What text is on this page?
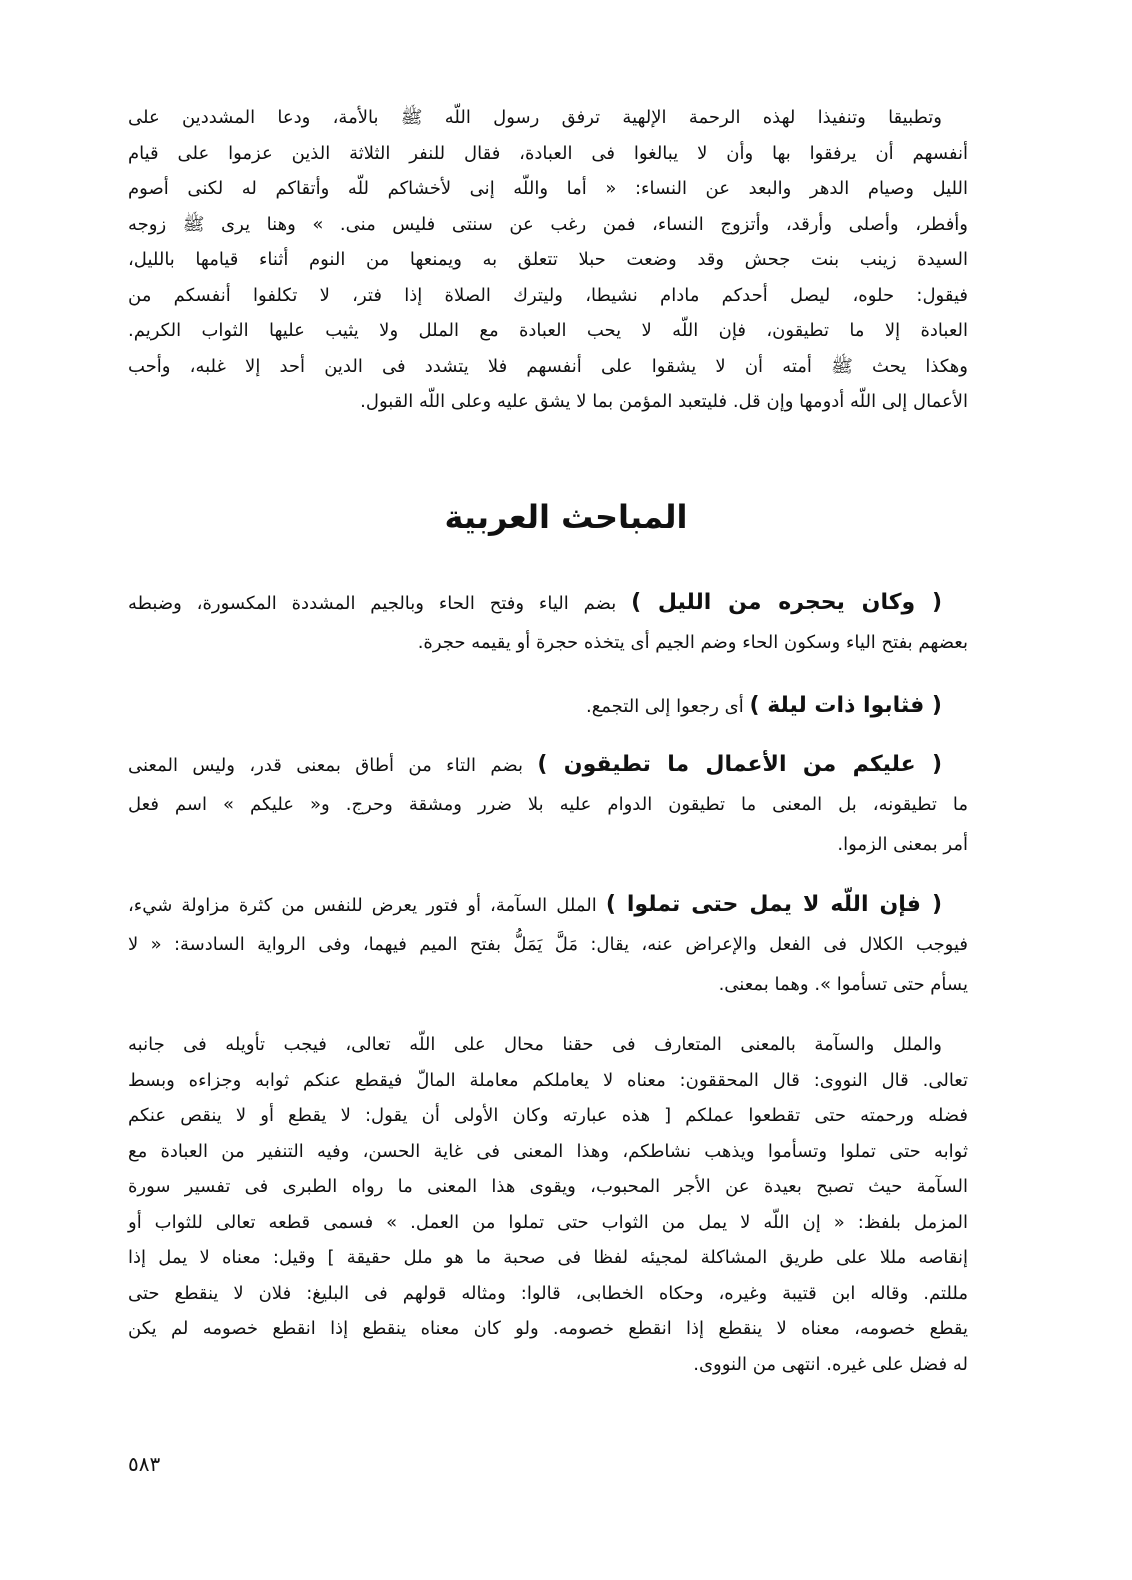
وتطبيقا وتنفيذا لهذه الرحمة الإلهية ترفق رسول اللّه ﷺ بالأمة، ودعا المشددين على
أنفسهم أن يرفقوا بها وأن لا يبالغوا فى العبادة، فقال للنفر الثلاثة الذين عزموا على قيام
الليل وصيام الدهر والبعد عن النساء: « أما واللّه إنى لأخشاكم للّه وأتقاكم له لكنى أصوم
وأفطر، وأصلى وأرقد، وأتزوج النساء، فمن رغب عن سنتى فليس منى. » وهنا يرى ﷺ زوجه
السيدة زينب بنت جحش وقد وضعت حبلا تتعلق به ويمنعها من النوم أثناء قيامها بالليل،
فيقول: حلوه، ليصل أحدكم مادام نشيطا، وليترك الصلاة إذا فتر، لا تكلفوا أنفسكم من
العبادة إلا ما تطيقون، فإن اللّه لا يحب العبادة مع الملل ولا يثيب عليها الثواب الكريم.
وهكذا يحث ﷺ أمته أن لا يشقوا على أنفسهم فلا يتشدد فى الدين أحد إلا غلبه، وأحب
الأعمال إلى اللّه أدومها وإن قل. فليتعبد المؤمن بما لا يشق عليه وعلى اللّه القبول.
المباحث العربية
( وكان يحجره من الليل ) بضم الياء وفتح الحاء وبالجيم المشددة المكسورة، وضبطه
بعضهم بفتح الياء وسكون الحاء وضم الجيم أى يتخذه حجرة أو يقيمه حجرة.
( فثابوا ذات ليلة ) أى رجعوا إلى التجمع.
( عليكم من الأعمال ما تطيقون ) بضم التاء من أطاق بمعنى قدر، وليس المعنى
ما تطيقونه، بل المعنى ما تطيقون الدوام عليه بلا ضرر ومشقة وحرج. و« عليكم » اسم فعل
أمر بمعنى الزموا.
( فإن اللّه لا يمل حتى تملوا ) الملل السآمة، أو فتور يعرض للنفس من كثرة مزاولة شيء،
فيوجب الكلال فى الفعل والإعراض عنه، يقال: مَلَّ يَمَلُّ بفتح الميم فيهما، وفى الرواية السادسة: « لا
يسأم حتى تسأموا ». وهما بمعنى.
والملل والسآمة بالمعنى المتعارف فى حقنا محال على اللّه تعالى، فيجب تأويله فى جانبه
تعالى. قال النووى: قال المحققون: معناه لا يعاملكم معاملة المالّ فيقطع عنكم ثوابه وجزاءه وبسط
فضله ورحمته حتى تقطعوا عملكم [ هذه عبارته وكان الأولى أن يقول: لا يقطع أو لا ينقص عنكم
ثوابه حتى تملوا وتسأموا ويذهب نشاطكم، وهذا المعنى فى غاية الحسن، وفيه التنفير من العبادة مع
السآمة حيث تصبح بعيدة عن الأجر المحبوب، ويقوى هذا المعنى ما رواه الطبرى فى تفسير سورة
المزمل بلفظ: « إن اللّه لا يمل من الثواب حتى تملوا من العمل. » فسمى قطعه تعالى للثواب أو
إنقاصه مللا على طريق المشاكلة لمجيئه لفظا فى صحبة ما هو ملل حقيقة ] وقيل: معناه لا يمل إذا
مللتم. وقاله ابن قتيبة وغيره، وحكاه الخطابى، قالوا: ومثاله قولهم فى البليغ: فلان لا ينقطع حتى
يقطع خصومه، معناه لا ينقطع إذا انقطع خصومه. ولو كان معناه ينقطع إذا انقطع خصومه لم يكن
له فضل على غيره. انتهى من النووى.
٥٨٣
